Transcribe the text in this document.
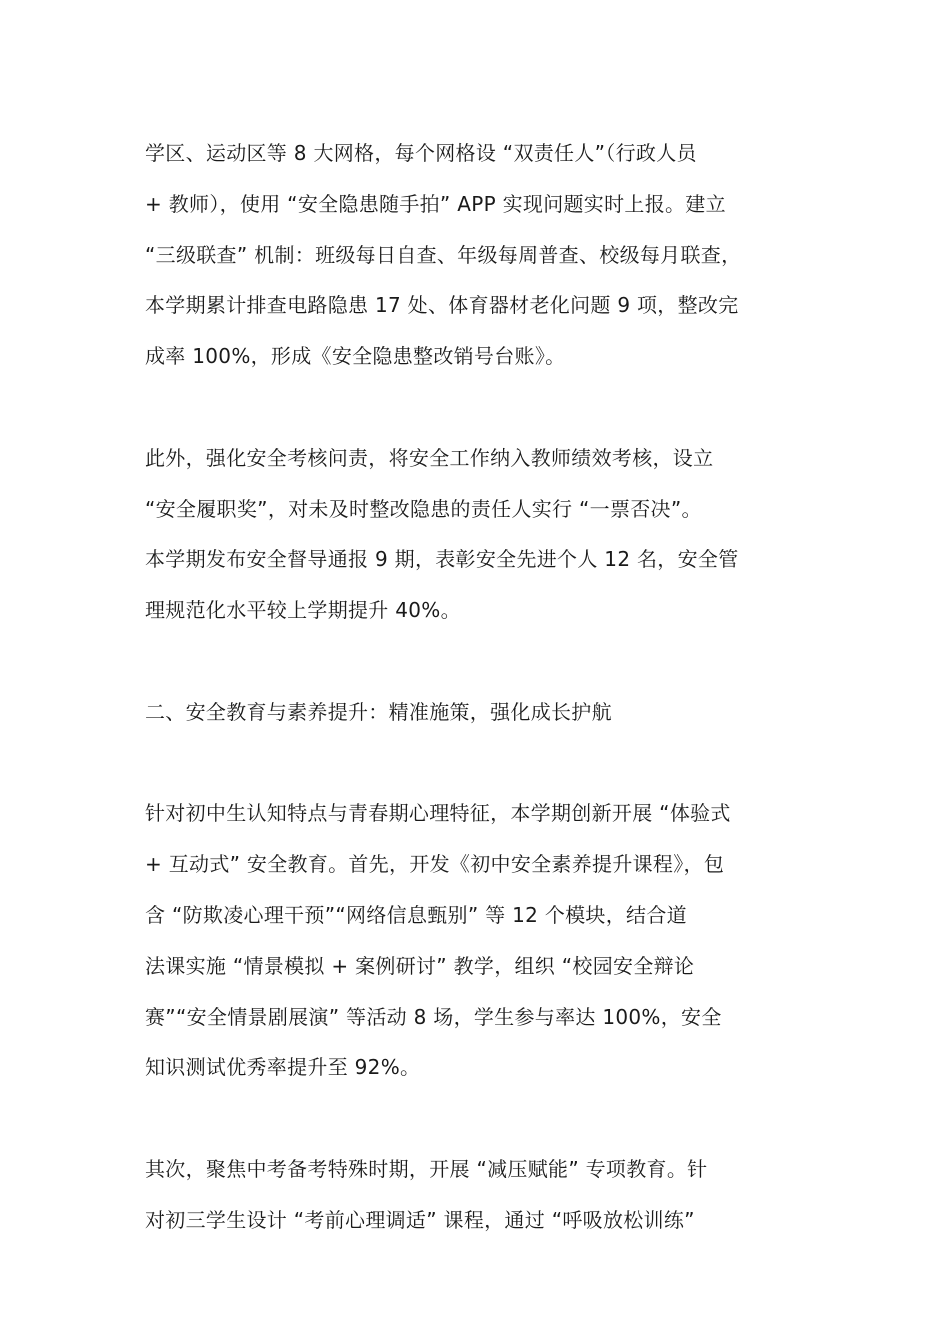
学区、运动区等 8 大网格，每个网格设 “双责任人”（行政人员
+ 教师），使用 “安全隐患随手拍” APP 实现问题实时上报。建立
“三级联查” 机制：班级每日自查、年级每周普查、校级每月联查，
本学期累计排查电路隐患 17 处、体育器材老化问题 9 项，整改完
成率 100%，形成《安全隐患整改销号台账》。
此外，强化安全考核问责，将安全工作纳入教师绩效考核，设立
“安全履职奖”，对未及时整改隐患的责任人实行 “一票否决”。
本学期发布安全督导通报 9 期，表彰安全先进个人 12 名，安全管
理规范化水平较上学期提升 40%。
二、安全教育与素养提升：精准施策，强化成长护航
针对初中生认知特点与青春期心理特征，本学期创新开展 “体验式
+ 互动式” 安全教育。首先，开发《初中安全素养提升课程》，包
含 “防欺凌心理干预”“网络信息甄别” 等 12 个模块，结合道
法课实施 “情景模拟 + 案例研讨” 教学，组织 “校园安全辩论
赛”“安全情景剧展演” 等活动 8 场，学生参与率达 100%，安全
知识测试优秀率提升至 92%。
其次，聚焦中考备考特殊时期，开展 “减压赋能” 专项教育。针
对初三学生设计 “考前心理调适” 课程，通过 “呼吸放松训练”
